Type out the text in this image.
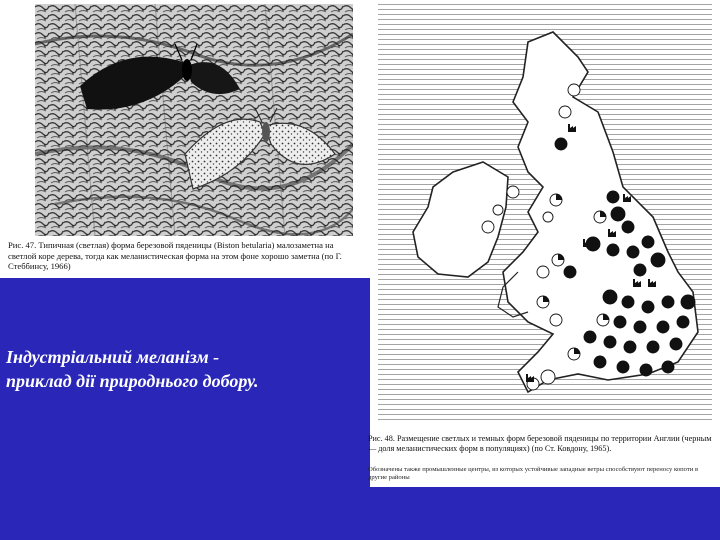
Рис. 47. Типичная (светлая) форма березовой пяденицы (Biston betularia) малозаметна на светлой коре дерева, тогда как меланистическая форма на этом фоне хорошо заметна (по Г. Стеббинсу, 1966)

Рис. 48. Размещение светлых и темных форм березовой пяденицы по территории Англии (черным — доля меланистических форм в популяциях) (по Ст. Ковдону, 1965).

Обозначены также промышленные центры, из которых устойчивые западные ветры способствуют переносу копоти в другие районы

Індустріальний меланізм -
приклад дії природнього добору.
